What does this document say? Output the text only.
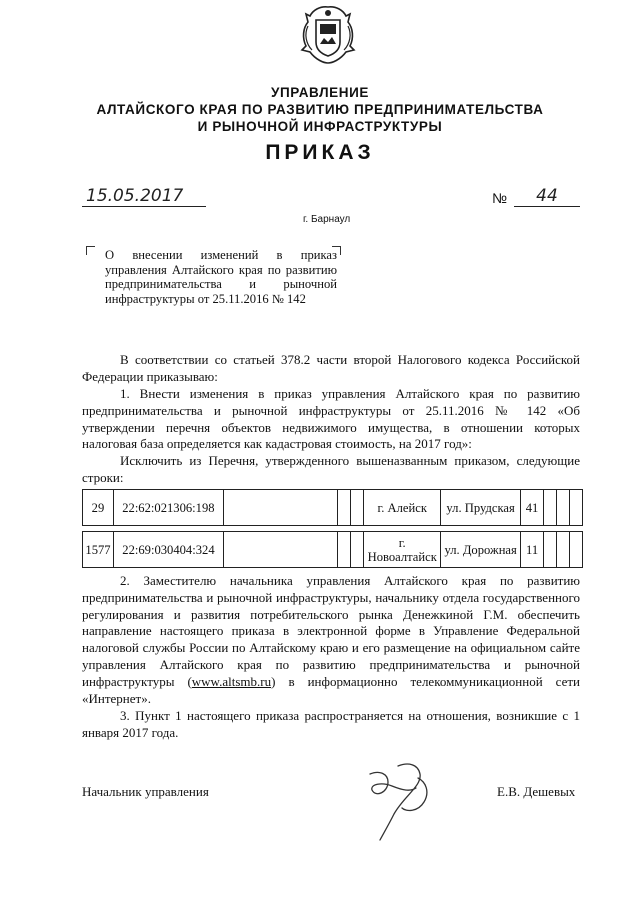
УПРАВЛЕНИЕ
АЛТАЙСКОГО КРАЯ ПО РАЗВИТИЮ ПРЕДПРИНИМАТЕЛЬСТВА
И РЫНОЧНОЙ ИНФРАСТРУКТУРЫ
ПРИКАЗ
15.05.2017	№	44
г. Барнаул
О внесении изменений в приказ управления Алтайского края по развитию предпринимательства и рыночной инфраструктуры от 25.11.2016 № 142

В соответствии со статьей 378.2 части второй Налогового кодекса Российской Федерации приказываю:

1. Внести изменения в приказ управления Алтайского края по развитию предпринимательства и рыночной инфраструктуры от 25.11.2016 № 142 «Об утверждении перечня объектов недвижимого имущества, в отношении которых налоговая база определяется как кадастровая стоимость, на 2017 год»:

Исключить из Перечня, утвержденного вышеназванным приказом, следующие строки:

29	22:62:021306:198				г. Алейск	ул. Прудская	41			
1577	22:69:030404:324				г. Новоалтайск	ул. Дорожная	11			

2. Заместителю начальника управления Алтайского края по развитию предпринимательства и рыночной инфраструктуры, начальнику отдела государственного регулирования и развития потребительского рынка Денежкиной Г.М. обеспечить направление настоящего приказа в электронной форме в Управление Федеральной налоговой службы России по Алтайскому краю и его размещение на официальном сайте управления Алтайского края по развитию предпринимательства и рыночной инфраструктуры (www.altsmb.ru) в информационно телекоммуникационной сети «Интернет».

3. Пункт 1 настоящего приказа распространяется на отношения, возникшие с 1 января 2017 года.

Начальник управления	Е.В. Дешевых
